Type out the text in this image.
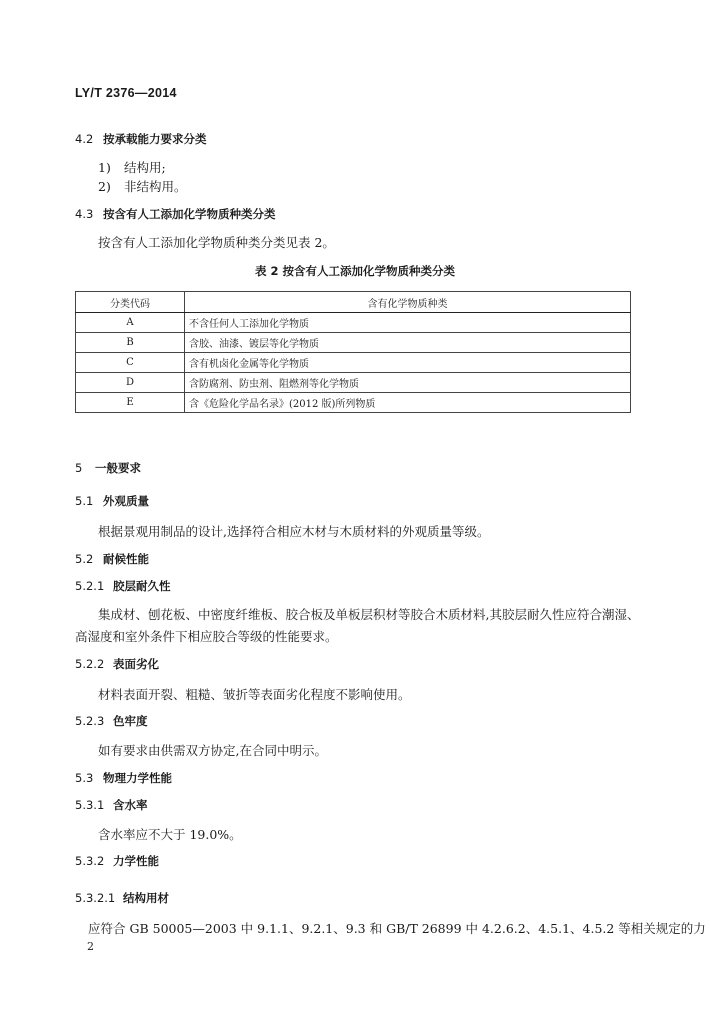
LY/T 2376—2014
4.2 按承载能力要求分类
1) 结构用;
2) 非结构用。
4.3 按含有人工添加化学物质种类分类
按含有人工添加化学物质种类分类见表 2。
表 2 按含有人工添加化学物质种类分类
分类代码	含有化学物质种类
A	不含任何人工添加化学物质
B	含胶、油漆、镀层等化学物质
C	含有机卤化金属等化学物质
D	含防腐剂、防虫剂、阻燃剂等化学物质
E	含《危险化学品名录》(2012 版)所列物质
5 一般要求
5.1 外观质量
根据景观用制品的设计,选择符合相应木材与木质材料的外观质量等级。
5.2 耐候性能
5.2.1 胶层耐久性
集成材、刨花板、中密度纤维板、胶合板及单板层积材等胶合木质材料,其胶层耐久性应符合潮湿、
高湿度和室外条件下相应胶合等级的性能要求。
5.2.2 表面劣化
材料表面开裂、粗糙、皱折等表面劣化程度不影响使用。
5.2.3 色牢度
如有要求由供需双方协定,在合同中明示。
5.3 物理力学性能
5.3.1 含水率
含水率应不大于 19.0%。
5.3.2 力学性能
5.3.2.1 结构用材
应符合 GB 50005—2003 中 9.1.1、9.2.1、9.3 和 GB/T 26899 中 4.2.6.2、4.5.1、4.5.2 等相关规定的力
2
